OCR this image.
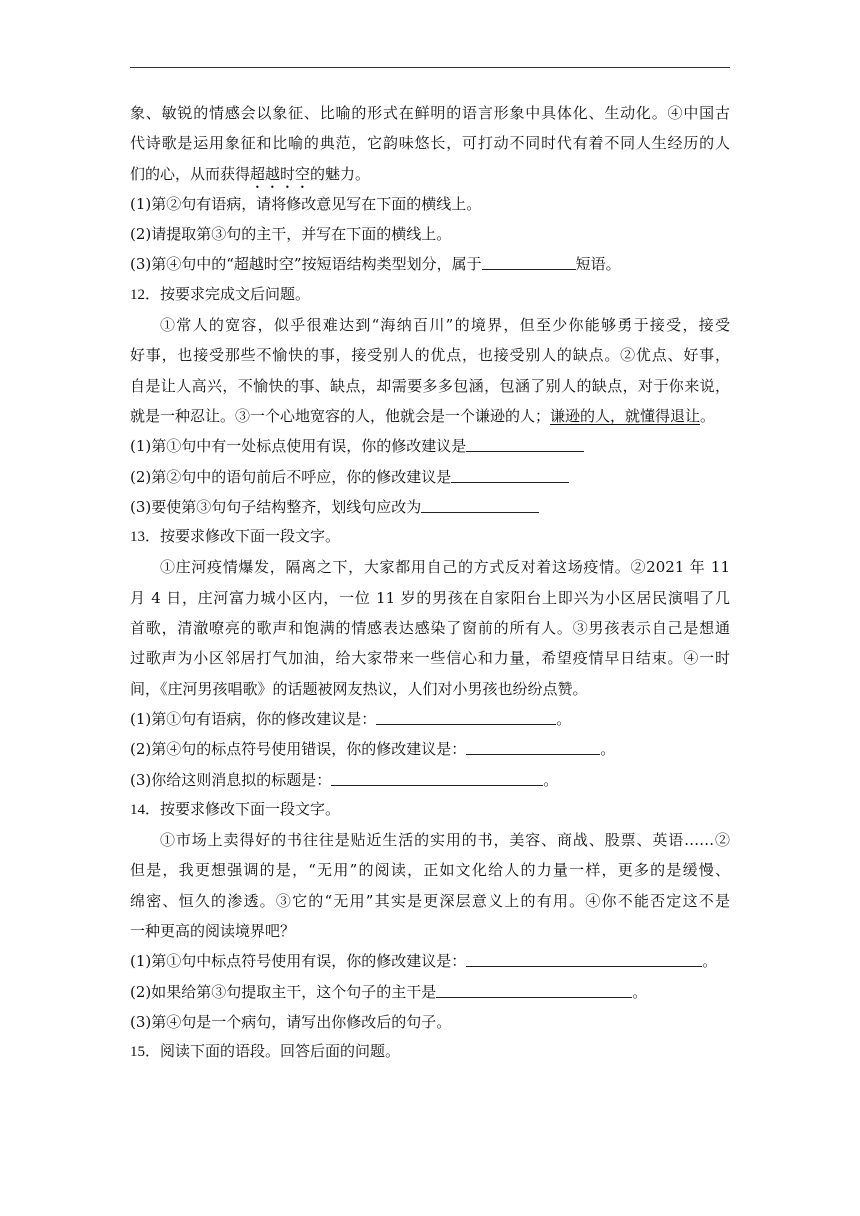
象、敏锐的情感会以象征、比喻的形式在鲜明的语言形象中具体化、生动化。④中国古
代诗歌是运用象征和比喻的典范，它韵味悠长，可打动不同时代有着不同人生经历的人
们的心，从而获得超越时空的魅力。
(1)第②句有语病，请将修改意见写在下面的横线上。
(2)请提取第③句的主干，并写在下面的横线上。
(3)第④句中的“超越时空”按短语结构类型划分，属于	短语。
12．按要求完成文后问题。
①常人的宽容，似乎很难达到“海纳百川”的境界，但至少你能够勇于接受，接受
好事，也接受那些不愉快的事，接受别人的优点，也接受别人的缺点。②优点、好事，
自是让人高兴，不愉快的事、缺点，却需要多多包涵，包涵了别人的缺点，对于你来说，
就是一种忍让。③一个心地宽容的人，他就会是一个谦逊的人；谦逊的人，就懂得退让。
(1)第①句中有一处标点使用有误，你的修改建议是
(2)第②句中的语句前后不呼应，你的修改建议是
(3)要使第③句句子结构整齐，划线句应改为
13．按要求修改下面一段文字。
①庄河疫情爆发，隔离之下，大家都用自己的方式反对着这场疫情。②2021 年 11
月 4 日，庄河富力城小区内，一位 11 岁的男孩在自家阳台上即兴为小区居民演唱了几
首歌，清澈嘹亮的歌声和饱满的情感表达感染了窗前的所有人。③男孩表示自己是想通
过歌声为小区邻居打气加油，给大家带来一些信心和力量，希望疫情早日结束。④一时
间，《庄河男孩唱歌》的话题被网友热议，人们对小男孩也纷纷点赞。
(1)第①句有语病，你的修改建议是：	。
(2)第④句的标点符号使用错误，你的修改建议是：	。
(3)你给这则消息拟的标题是：	。
14．按要求修改下面一段文字。
①市场上卖得好的书往往是贴近生活的实用的书，美容、商战、股票、英语……②
但是，我更想强调的是，“无用”的阅读，正如文化给人的力量一样，更多的是缓慢、
绵密、恒久的渗透。③它的“无用”其实是更深层意义上的有用。④你不能否定这不是
一种更高的阅读境界吧？
(1)第①句中标点符号使用有误，你的修改建议是：	。
(2)如果给第③句提取主干，这个句子的主干是	。
(3)第④句是一个病句，请写出你修改后的句子。
15．阅读下面的语段。回答后面的问题。
